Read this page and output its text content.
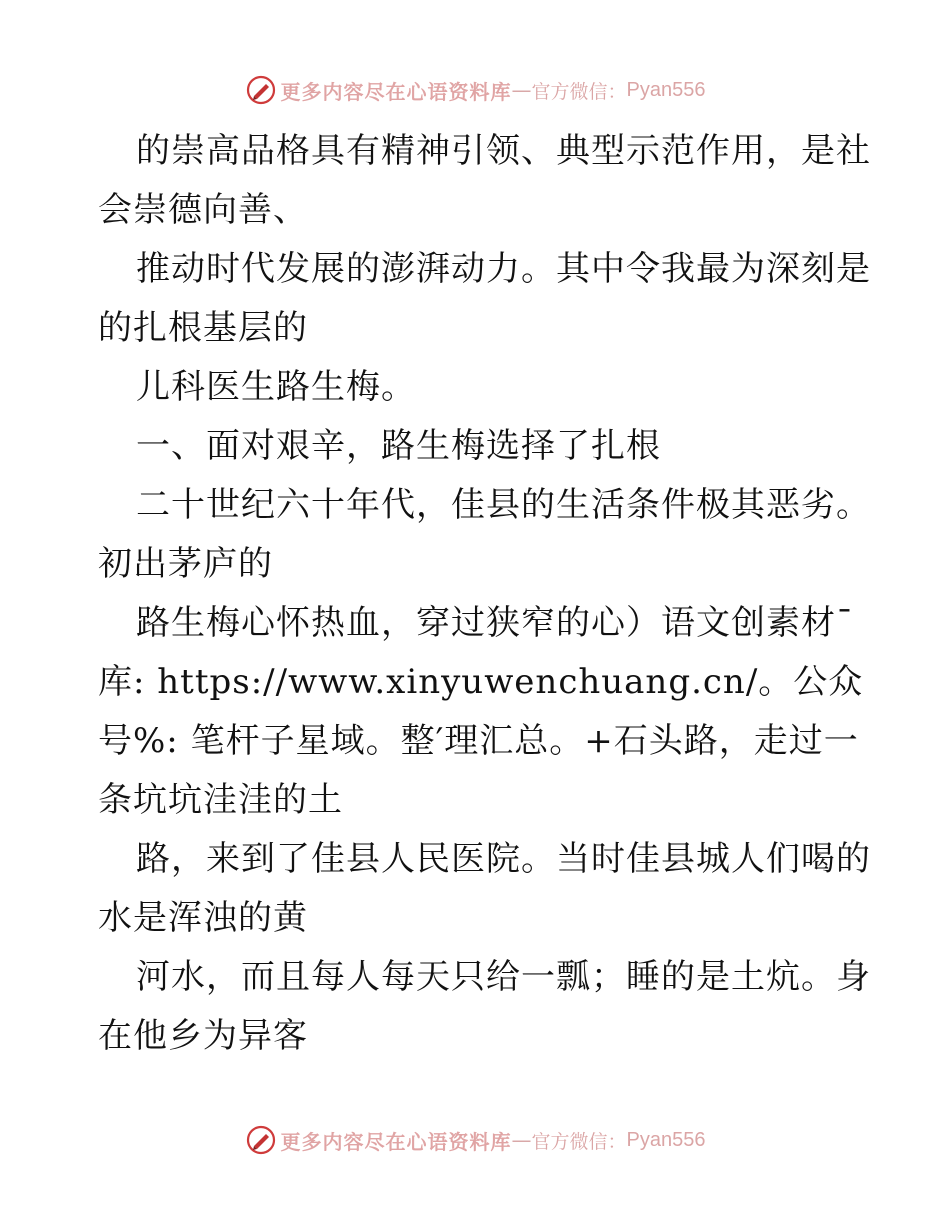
更多内容尽在心语资料库 — 官方微信： Pyan556
的崇高品格具有精神引领、典型示范作用，是社
会崇德向善、
推动时代发展的澎湃动力。其中令我最为深刻是
的扎根基层的
儿科医生路生梅。
一、面对艰辛，路生梅选择了扎根
二十世纪六十年代，佳县的生活条件极其恶劣。
初出茅庐的
路生梅心怀热血，穿过狭窄的心）语文创素材¯
库: https://www.xinyuwenchuang.cn/。公众
号%: 笔杆子星域。整′理汇总。+石头路，走过一
条坑坑洼洼的土
路，来到了佳县人民医院。当时佳县城人们喝的
水是浑浊的黄
河水，而且每人每天只给一瓢；睡的是土炕。身
在他乡为异客
更多内容尽在心语资料库 — 官方微信： Pyan556
